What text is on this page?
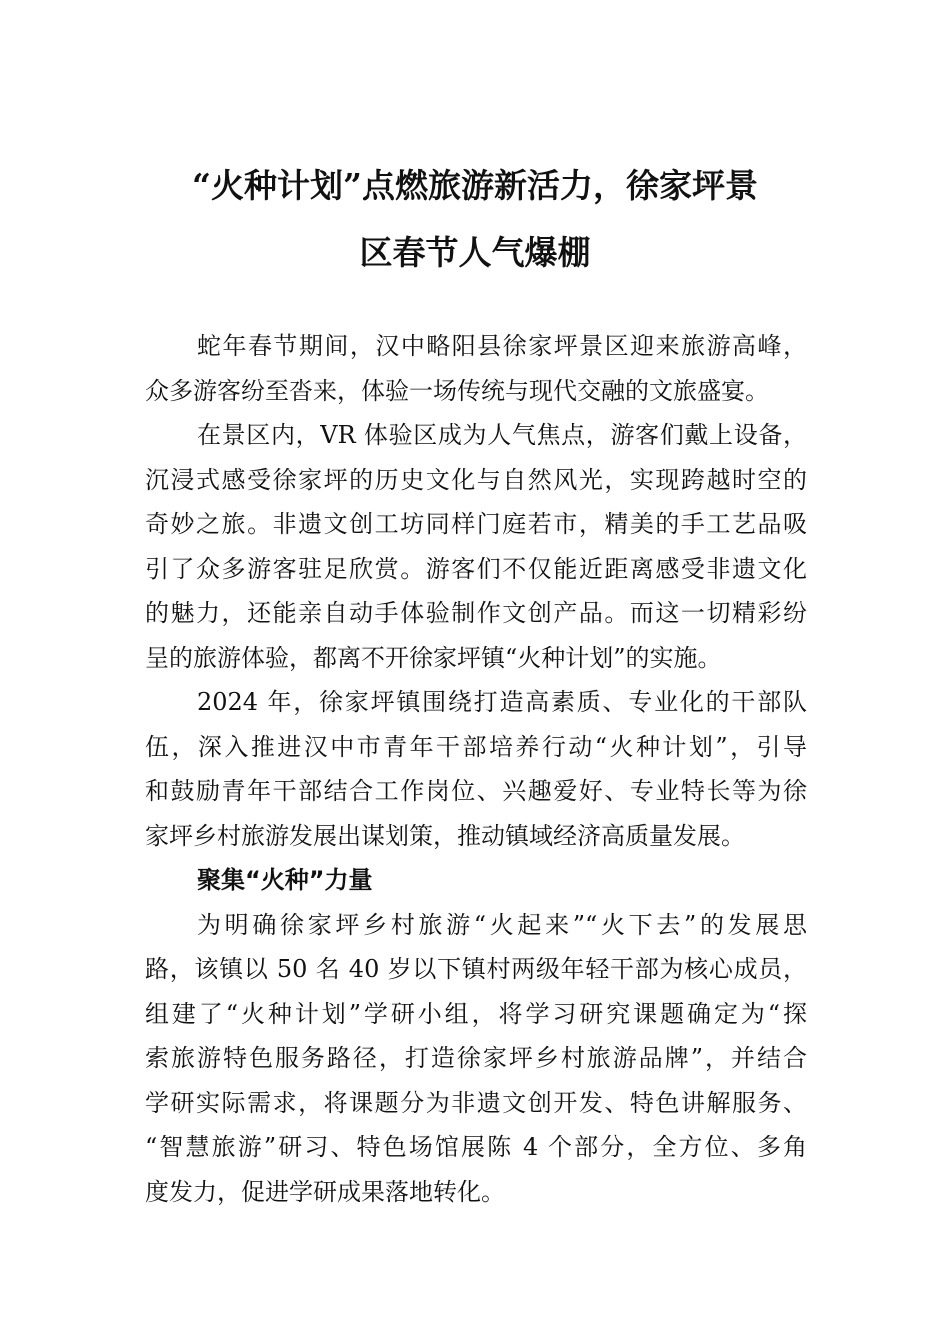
“火种计划”点燃旅游新活力，徐家坪景
区春节人气爆棚
蛇年春节期间，汉中略阳县徐家坪景区迎来旅游高峰，
众多游客纷至沓来，体验一场传统与现代交融的文旅盛宴。
在景区内，VR 体验区成为人气焦点，游客们戴上设备，
沉浸式感受徐家坪的历史文化与自然风光，实现跨越时空的
奇妙之旅。非遗文创工坊同样门庭若市，精美的手工艺品吸
引了众多游客驻足欣赏。游客们不仅能近距离感受非遗文化
的魅力，还能亲自动手体验制作文创产品。而这一切精彩纷
呈的旅游体验，都离不开徐家坪镇“火种计划”的实施。
2024 年，徐家坪镇围绕打造高素质、专业化的干部队
伍，深入推进汉中市青年干部培养行动“火种计划”，引导
和鼓励青年干部结合工作岗位、兴趣爱好、专业特长等为徐
家坪乡村旅游发展出谋划策，推动镇域经济高质量发展。
聚集“火种”力量
为明确徐家坪乡村旅游“火起来”“火下去”的发展思
路，该镇以 50 名 40 岁以下镇村两级年轻干部为核心成员，
组建了“火种计划”学研小组，将学习研究课题确定为“探
索旅游特色服务路径，打造徐家坪乡村旅游品牌”，并结合
学研实际需求，将课题分为非遗文创开发、特色讲解服务、
“智慧旅游”研习、特色场馆展陈 4 个部分，全方位、多角
度发力，促进学研成果落地转化。
